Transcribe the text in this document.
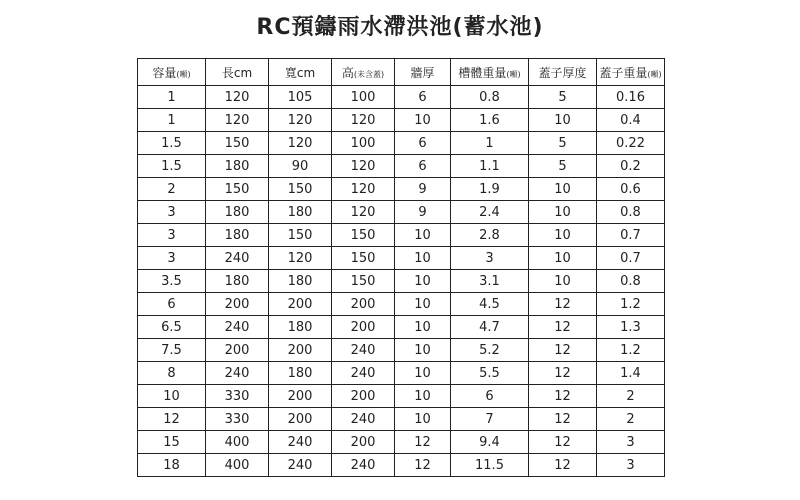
RC預鑄雨水滯洪池(蓄水池)
容量(噸)	長cm	寬cm	高(未含蓋)	牆厚	槽體重量(噸)	蓋子厚度	蓋子重量(噸)
1	120	105	100	6	0.8	5	0.16
1	120	120	120	10	1.6	10	0.4
1.5	150	120	100	6	1	5	0.22
1.5	180	90	120	6	1.1	5	0.2
2	150	150	120	9	1.9	10	0.6
3	180	180	120	9	2.4	10	0.8
3	180	150	150	10	2.8	10	0.7
3	240	120	150	10	3	10	0.7
3.5	180	180	150	10	3.1	10	0.8
6	200	200	200	10	4.5	12	1.2
6.5	240	180	200	10	4.7	12	1.3
7.5	200	200	240	10	5.2	12	1.2
8	240	180	240	10	5.5	12	1.4
10	330	200	200	10	6	12	2
12	330	200	240	10	7	12	2
15	400	240	200	12	9.4	12	3
18	400	240	240	12	11.5	12	3
